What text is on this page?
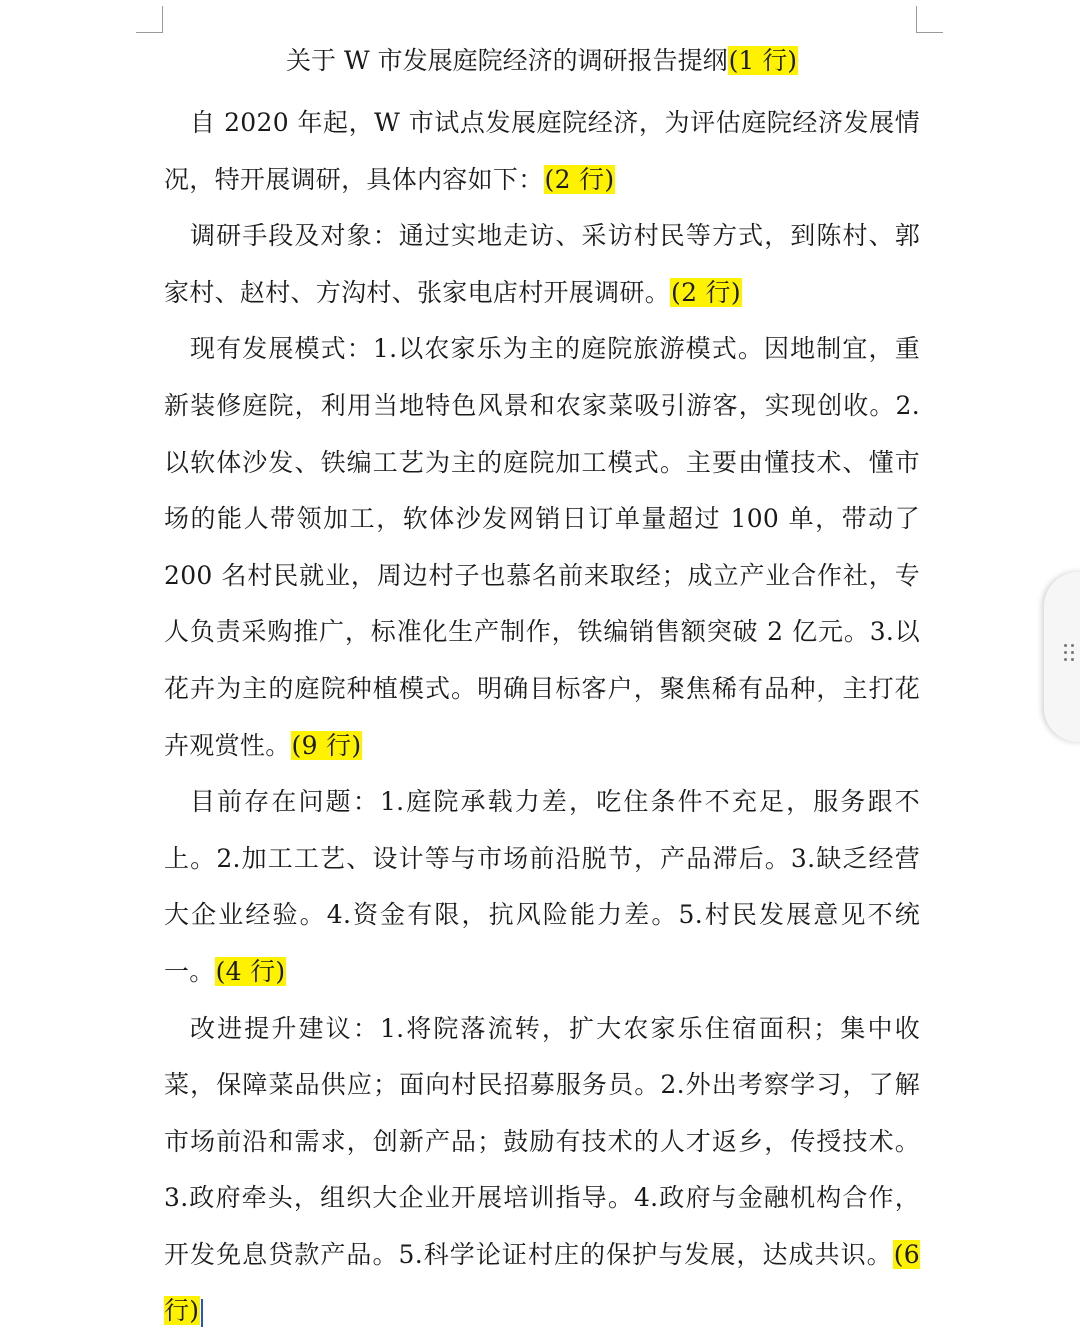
关于 W 市发展庭院经济的调研报告提纲(1 行)

自 2020 年起，W 市试点发展庭院经济，为评估庭院经济发展情况，特开展调研，具体内容如下：(2 行)

调研手段及对象：通过实地走访、采访村民等方式，到陈村、郭家村、赵村、方沟村、张家电店村开展调研。(2 行)

现有发展模式：1.以农家乐为主的庭院旅游模式。因地制宜，重新装修庭院，利用当地特色风景和农家菜吸引游客，实现创收。2.以软体沙发、铁编工艺为主的庭院加工模式。主要由懂技术、懂市场的能人带领加工，软体沙发网销日订单量超过 100 单，带动了 200 名村民就业，周边村子也慕名前来取经；成立产业合作社，专人负责采购推广，标准化生产制作，铁编销售额突破 2 亿元。3.以花卉为主的庭院种植模式。明确目标客户，聚焦稀有品种，主打花卉观赏性。(9 行)

目前存在问题：1.庭院承载力差，吃住条件不充足，服务跟不上。2.加工工艺、设计等与市场前沿脱节，产品滞后。3.缺乏经营大企业经验。4.资金有限，抗风险能力差。5.村民发展意见不统一。(4 行)

改进提升建议：1.将院落流转，扩大农家乐住宿面积；集中收菜，保障菜品供应；面向村民招募服务员。2.外出考察学习，了解市场前沿和需求，创新产品；鼓励有技术的人才返乡，传授技术。3.政府牵头，组织大企业开展培训指导。4.政府与金融机构合作，开发免息贷款产品。5.科学论证村庄的保护与发展，达成共识。(6 行)
